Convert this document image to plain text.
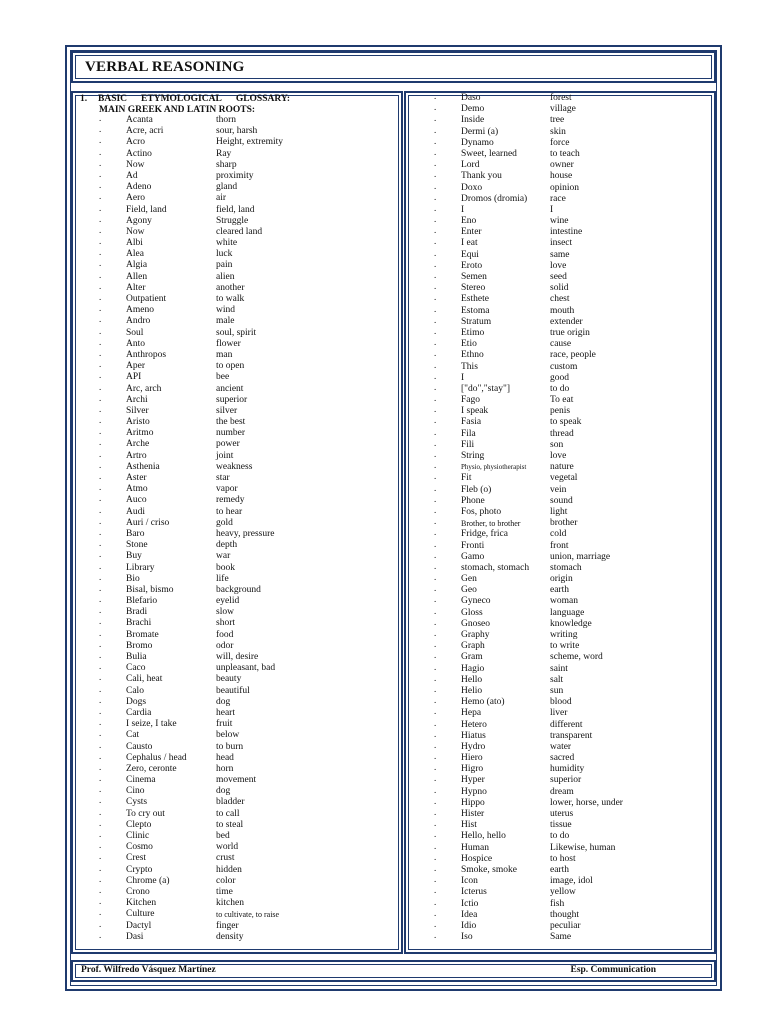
VERBAL REASONING
1. BASIC ETYMOLOGICAL GLOSSARY:
MAIN GREEK AND LATIN ROOTS:
.	Acanta	thorn
.	Acre, acri	sour, harsh
.	Acro	Height, extremity
.	Actino	Ray
.	Now	sharp
.	Ad	proximity
.	Adeno	gland
.	Aero	air
.	Field, land	field, land
.	Agony	Struggle
.	Now	cleared land
.	Albi	white
.	Alea	luck
.	Algia	pain
.	Allen	alien
.	Alter	another
.	Outpatient	to walk
.	Ameno	wind
.	Andro	male
.	Soul	soul, spirit
.	Anto	flower
.	Anthropos	man
.	Aper	to open
.	API	bee
.	Arc, arch	ancient
.	Archi	superior
.	Silver	silver
.	Aristo	the best
.	Aritmo	number
.	Arche	power
.	Artro	joint
.	Asthenia	weakness
.	Aster	star
.	Atmo	vapor
.	Auco	remedy
.	Audi	to hear
.	Auri / criso	gold
.	Baro	heavy, pressure
.	Stone	depth
.	Buy	war
.	Library	book
.	Bio	life
.	Bisal, bismo	background
.	Blefario	eyelid
.	Bradi	slow
.	Brachi	short
.	Bromate	food
.	Bromo	odor
.	Bulia	will, desire
.	Caco	unpleasant, bad
.	Cali, heat	beauty
.	Calo	beautiful
.	Dogs	dog
.	Cardia	heart
.	I seize, I take	fruit
.	Cat	below
.	Causto	to burn
.	Cephalus / head	head
.	Zero, ceronte	horn
.	Cinema	movement
.	Cino	dog
.	Cysts	bladder
.	To cry out	to call
.	Clepto	to steal
.	Clinic	bed
.	Cosmo	world
.	Crest	crust
.	Crypto	hidden
.	Chrome (a)	color
.	Crono	time
.	Kitchen	kitchen
.	Culture	to cultivate, to raise
.	Dactyl	finger
.	Dasi	density
.	Daso	forest
.	Demo	village
.	Inside	tree
.	Dermi (a)	skin
.	Dynamo	force
.	Sweet, learned	to teach
.	Lord	owner
.	Thank you	house
.	Doxo	opinion
.	Dromos (dromia) race
.	I	I
.	Eno	wine
.	Enter	intestine
.	I eat	insect
.	Equi	same
.	Eroto	love
.	Semen	seed
.	Stereo	solid
.	Esthete	chest
.	Estoma	mouth
.	Stratum	extender
.	Etimo	true origin
.	Etio	cause
.	Ethno	race, people
.	This	custom
.	I	good
.	["do","stay"]	to do
.	Fago	To eat
.	I speak	penis
.	Fasia	to speak
.	Fila	thread
.	Fili	son
.	String	love
.	Physio, physiotherapist nature
.	Fit	vegetal
.	Fleb (o)	vein
.	Phone	sound
.	Fos, photo	light
.	Brother, to brother	brother
.	Fridge, frica	cold
.	Fronti	front
.	Gamo	union, marriage
.	stomach, stomach stomach
.	Gen	origin
.	Geo	earth
.	Gyneco	woman
.	Gloss	language
.	Gnoseo	knowledge
.	Graphy	writing
.	Graph	to write
.	Gram	scheme, word
.	Hagio	saint
.	Hello	salt
.	Helio	sun
.	Hemo (ato)	blood
.	Hepa	liver
.	Hetero	different
.	Hiatus	transparent
.	Hydro	water
.	Hiero	sacred
.	Higro	humidity
.	Hyper	superior
.	Hypno	dream
.	Hippo	lower, horse, under
.	Hister	uterus
.	Hist	tissue
.	Hello, hello	to do
.	Human	Likewise, human
.	Hospice	to host
.	Smoke, smoke	earth
.	Icon	image, idol
.	Icterus	yellow
.	Ictio	fish
.	Idea	thought
.	Idio	peculiar
.	Iso	Same
Prof. Wilfredo Vásquez Martínez	Esp. Communication
